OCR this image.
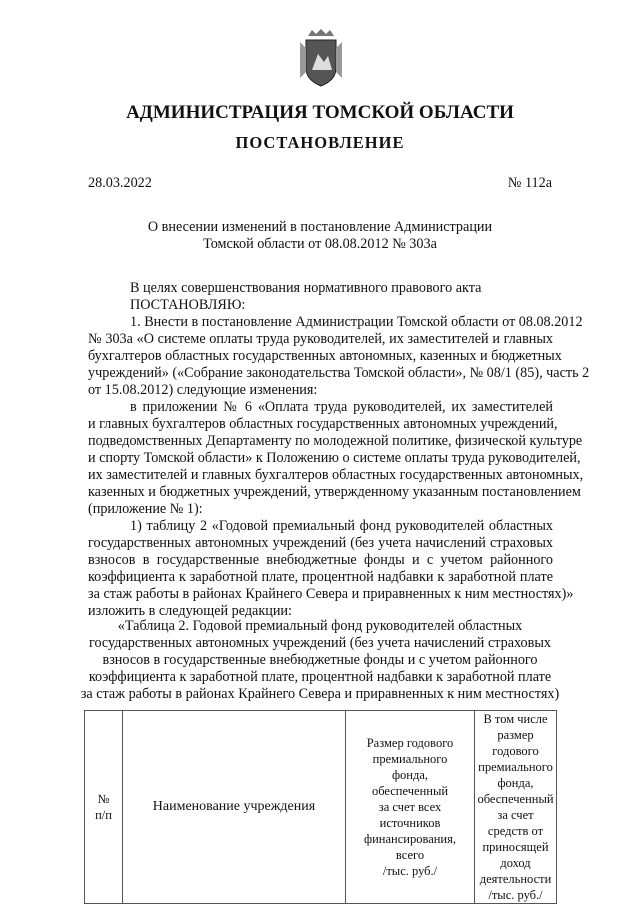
АДМИНИСТРАЦИЯ ТОМСКОЙ ОБЛАСТИ
ПОСТАНОВЛЕНИЕ
28.03.2022	№ 112а
О внесении изменений в постановление Администрации
Томской области от 08.08.2012 № 303а
В целях совершенствования нормативного правового акта
ПОСТАНОВЛЯЮ:
1. Внести в постановление Администрации Томской области от 08.08.2012
№ 303а «О системе оплаты труда руководителей, их заместителей и главных
бухгалтеров областных государственных автономных, казенных и бюджетных
учреждений» («Собрание законодательства Томской области», № 08/1 (85), часть 2
от 15.08.2012) следующие изменения:
в приложении № 6 «Оплата труда руководителей, их заместителей
и главных бухгалтеров областных государственных автономных учреждений,
подведомственных Департаменту по молодежной политике, физической культуре
и спорту Томской области» к Положению о системе оплаты труда руководителей,
их заместителей и главных бухгалтеров областных государственных автономных,
казенных и бюджетных учреждений, утвержденному указанным постановлением
(приложение № 1):
1) таблицу 2 «Годовой премиальный фонд руководителей областных
государственных автономных учреждений (без учета начислений страховых
взносов в государственные внебюджетные фонды и с учетом районного
коэффициента к заработной плате, процентной надбавки к заработной плате
за стаж работы в районах Крайнего Севера и приравненных к ним местностях)»
изложить в следующей редакции:
«Таблица 2. Годовой премиальный фонд руководителей областных
государственных автономных учреждений (без учета начислений страховых
взносов в государственные внебюджетные фонды и с учетом районного
коэффициента к заработной плате, процентной надбавки к заработной плате
за стаж работы в районах Крайнего Севера и приравненных к ним местностях)
№
п/п	Наименование учреждения	Размер годового
премиального
фонда,
обеспеченный
за счет всех
источников
финансирования,
всего
/тыс. руб./	В том числе
размер годового
премиального
фонда,
обеспеченный
за счет средств от
приносящей доход
деятельности
/тыс. руб./
